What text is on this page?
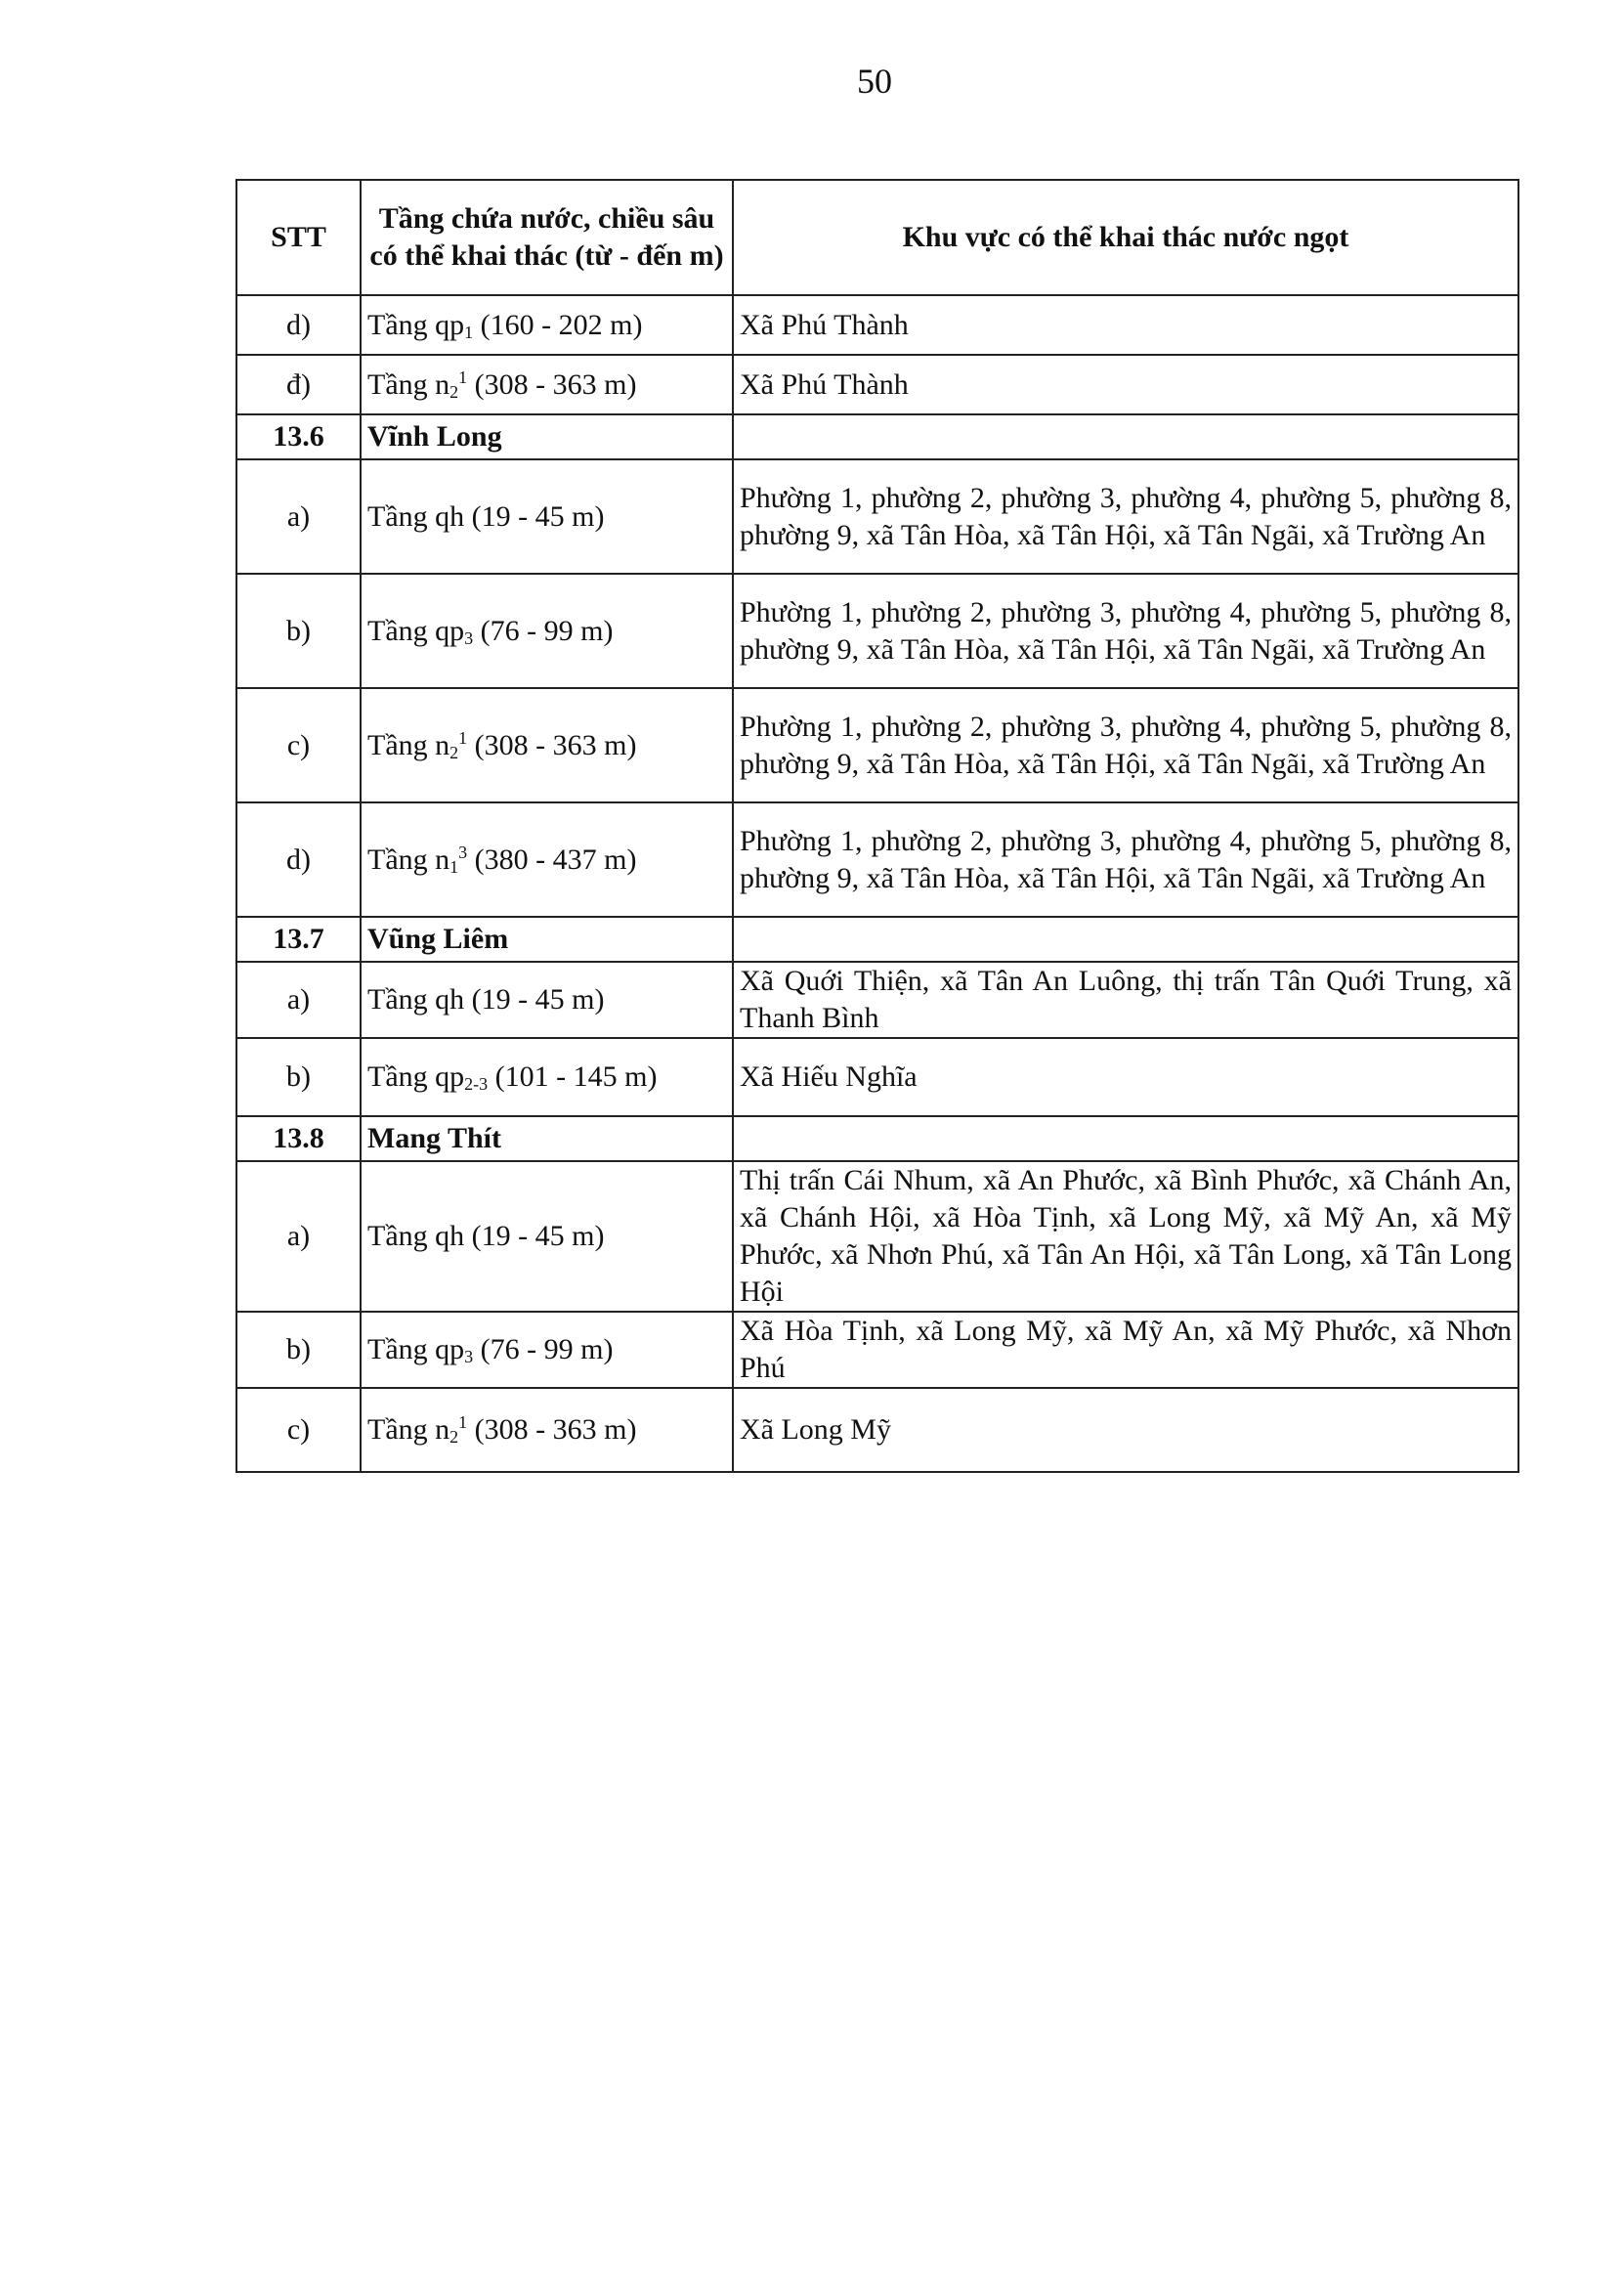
50
STT	Tầng chứa nước, chiều sâu có thể khai thác (từ - đến m)	Khu vực có thể khai thác nước ngọt
d)	Tầng $qp_1$ (160 - 202 m)	Xã Phú Thành
đ)	Tầng $n_2^1$ (308 - 363 m)	Xã Phú Thành
13.6	Vĩnh Long	
a)	Tầng qh (19 - 45 m)	Phường 1, phường 2, phường 3, phường 4, phường 5, phường 8, phường 9, xã Tân Hòa, xã Tân Hội, xã Tân Ngãi, xã Trường An
b)	Tầng $qp_3$ (76 - 99 m)	Phường 1, phường 2, phường 3, phường 4, phường 5, phường 8, phường 9, xã Tân Hòa, xã Tân Hội, xã Tân Ngãi, xã Trường An
c)	Tầng $n_2^1$ (308 - 363 m)	Phường 1, phường 2, phường 3, phường 4, phường 5, phường 8, phường 9, xã Tân Hòa, xã Tân Hội, xã Tân Ngãi, xã Trường An
d)	Tầng $n_1^3$ (380 - 437 m)	Phường 1, phường 2, phường 3, phường 4, phường 5, phường 8, phường 9, xã Tân Hòa, xã Tân Hội, xã Tân Ngãi, xã Trường An
13.7	Vũng Liêm	
a)	Tầng qh (19 - 45 m)	Xã Quới Thiện, xã Tân An Luông, thị trấn Tân Quới Trung, xã Thanh Bình
b)	Tầng $qp_{2-3}$ (101 - 145 m)	Xã Hiếu Nghĩa
13.8	Mang Thít	
a)	Tầng qh (19 - 45 m)	Thị trấn Cái Nhum, xã An Phước, xã Bình Phước, xã Chánh An, xã Chánh Hội, xã Hòa Tịnh, xã Long Mỹ, xã Mỹ An, xã Mỹ Phước, xã Nhơn Phú, xã Tân An Hội, xã Tân Long, xã Tân Long Hội
b)	Tầng $qp_3$ (76 - 99 m)	Xã Hòa Tịnh, xã Long Mỹ, xã Mỹ An, xã Mỹ Phước, xã Nhơn Phú
c)	Tầng $n_2^1$ (308 - 363 m)	Xã Long Mỹ
